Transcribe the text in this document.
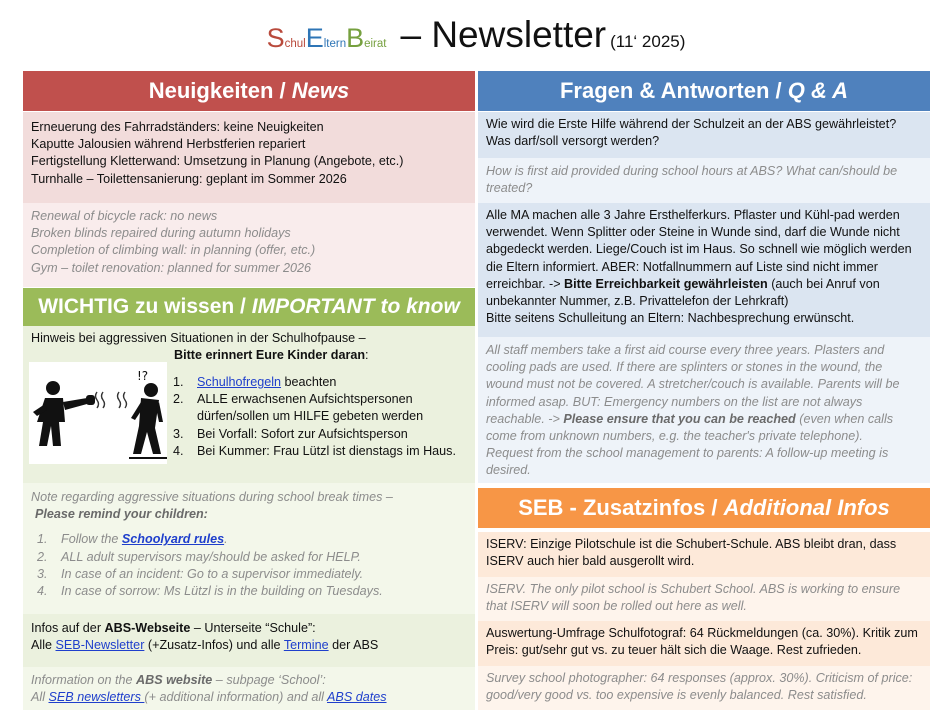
SchulElternBeirat – Newsletter (11‘ 2025)
Neuigkeiten /
News
Erneuerung des Fahrradständers: keine Neuigkeiten
Kaputte Jalousien während Herbstferien repariert
Fertigstellung Kletterwand: Umsetzung in Planung (Angebote, etc.)
Turnhalle – Toilettensanierung: geplant im Sommer 2026
Renewal of bicycle rack: no news
Broken blinds repaired during autumn holidays
Completion of climbing wall: in planning (offer, etc.)
Gym – toilet renovation: planned for summer 2026
WICHTIG zu wissen /
IMPORTANT to know
Hinweis bei aggressiven Situationen in der Schulhofpause –
Bitte erinnert Eure Kinder daran:
!? 1.	Schulhofregeln beachten
2.	ALLE erwachsenen Aufsichtspersonen dürfen/sollen um HILFE gebeten werden
3.	Bei Vorfall: Sofort zur Aufsichtsperson
4.	Bei Kummer: Frau Lützl ist dienstags im Haus.
Note regarding aggressive situations during school break times –
Please remind your children:
1.	Follow the Schoolyard rules.
2.	ALL adult supervisors may/should be asked for HELP.
3.	In case of an incident: Go to a supervisor immediately.
4.	In case of sorrow: Ms Lützl is in the building on Tuesdays.
Infos auf der ABS-Webseite – Unterseite “Schule”:
Alle SEB-Newsletter (+Zusatz-Infos) und alle Termine der ABS
Information on the ABS website – subpage ‘School’:
All SEB newsletters (+ additional information) and all ABS dates
Fragen & Antworten /
Q & A
Wie wird die Erste Hilfe während der Schulzeit an der ABS gewährleistet? Was darf/soll versorgt werden?
How is first aid provided during school hours at ABS? What can/should be treated?
Alle MA machen alle 3 Jahre Ersthelferkurs. Pflaster und Kühl-pad werden verwendet. Wenn Splitter oder Steine in Wunde sind, darf die Wunde nicht abgedeckt werden. Liege/Couch ist im Haus. So schnell wie möglich werden die Eltern informiert. ABER: Notfallnummern auf Liste sind nicht immer erreichbar. -> Bitte Erreichbarkeit gewährleisten (auch bei Anruf von unbekannter Nummer, z.B. Privattelefon der Lehrkraft)
Bitte seitens Schulleitung an Eltern: Nachbesprechung erwünscht.
All staff members take a first aid course every three years. Plasters and cooling pads are used. If there are splinters or stones in the wound, the wound must not be covered. A stretcher/couch is available. Parents will be informed asap. BUT: Emergency numbers on the list are not always reachable. -> Please ensure that you can be reached (even when calls come from unknown numbers, e.g. the teacher's private telephone).
Request from the school management to parents: A follow-up meeting is desired.
SEB - Zusatzinfos /
Additional Infos
ISERV: Einzige Pilotschule ist die Schubert-Schule. ABS bleibt dran, dass ISERV auch hier bald ausgerollt wird.
ISERV. The only pilot school is Schubert School. ABS is working to ensure that ISERV will soon be rolled out here as well.
Auswertung-Umfrage Schulfotograf: 64 Rückmeldungen (ca. 30%). Kritik zum Preis: gut/sehr gut vs. zu teuer hält sich die Waage. Rest zufrieden.
Survey school photographer: 64 responses (approx. 30%). Criticism of price: good/very good vs. too expensive is evenly balanced. Rest satisfied.
